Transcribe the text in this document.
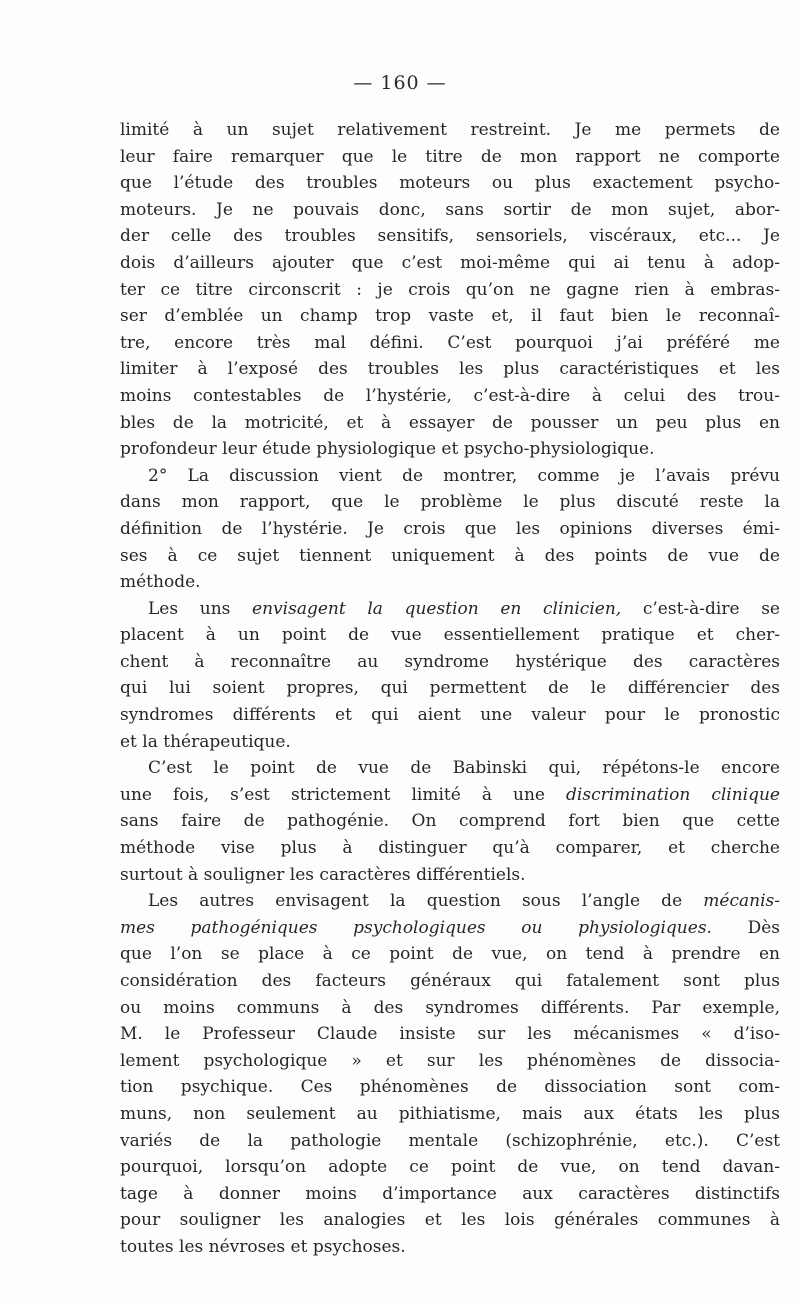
— 160 —
limité à un sujet relativement restreint. Je me permets de
leur faire remarquer que le titre de mon rapport ne comporte
que l’étude des troubles moteurs ou plus exactement psycho-
moteurs. Je ne pouvais donc, sans sortir de mon sujet, abor-
der celle des troubles sensitifs, sensoriels, viscéraux, etc... Je
dois d’ailleurs ajouter que c’est moi-même qui ai tenu à adop-
ter ce titre circonscrit : je crois qu’on ne gagne rien à embras-
ser d’emblée un champ trop vaste et, il faut bien le reconnaî-
tre, encore très mal défini. C’est pourquoi j’ai préféré me
limiter à l’exposé des troubles les plus caractéristiques et les
moins contestables de l’hystérie, c’est-à-dire à celui des trou-
bles de la motricité, et à essayer de pousser un peu plus en
profondeur leur étude physiologique et psycho-physiologique.
2° La discussion vient de montrer, comme je l’avais prévu
dans mon rapport, que le problème le plus discuté reste la
définition de l’hystérie. Je crois que les opinions diverses émi-
ses à ce sujet tiennent uniquement à des points de vue de
méthode.
Les uns envisagent la question en clinicien, c’est-à-dire se
placent à un point de vue essentiellement pratique et cher-
chent à reconnaître au syndrome hystérique des caractères
qui lui soient propres, qui permettent de le différencier des
syndromes différents et qui aient une valeur pour le pronostic
et la thérapeutique.
C’est le point de vue de Babinski qui, répétons-le encore
une fois, s’est strictement limité à une discrimination clinique
sans faire de pathogénie. On comprend fort bien que cette
méthode vise plus à distinguer qu’à comparer, et cherche
surtout à souligner les caractères différentiels.
Les autres envisagent la question sous l’angle de mécanis-
mes pathogéniques psychologiques ou physiologiques. Dès
que l’on se place à ce point de vue, on tend à prendre en
considération des facteurs généraux qui fatalement sont plus
ou moins communs à des syndromes différents. Par exemple,
M. le Professeur Claude insiste sur les mécanismes « d’iso-
lement psychologique » et sur les phénomènes de dissocia-
tion psychique. Ces phénomènes de dissociation sont com-
muns, non seulement au pithiatisme, mais aux états les plus
variés de la pathologie mentale (schizophrénie, etc.). C’est
pourquoi, lorsqu’on adopte ce point de vue, on tend davan-
tage à donner moins d’importance aux caractères distinctifs
pour souligner les analogies et les lois générales communes à
toutes les névroses et psychoses.
